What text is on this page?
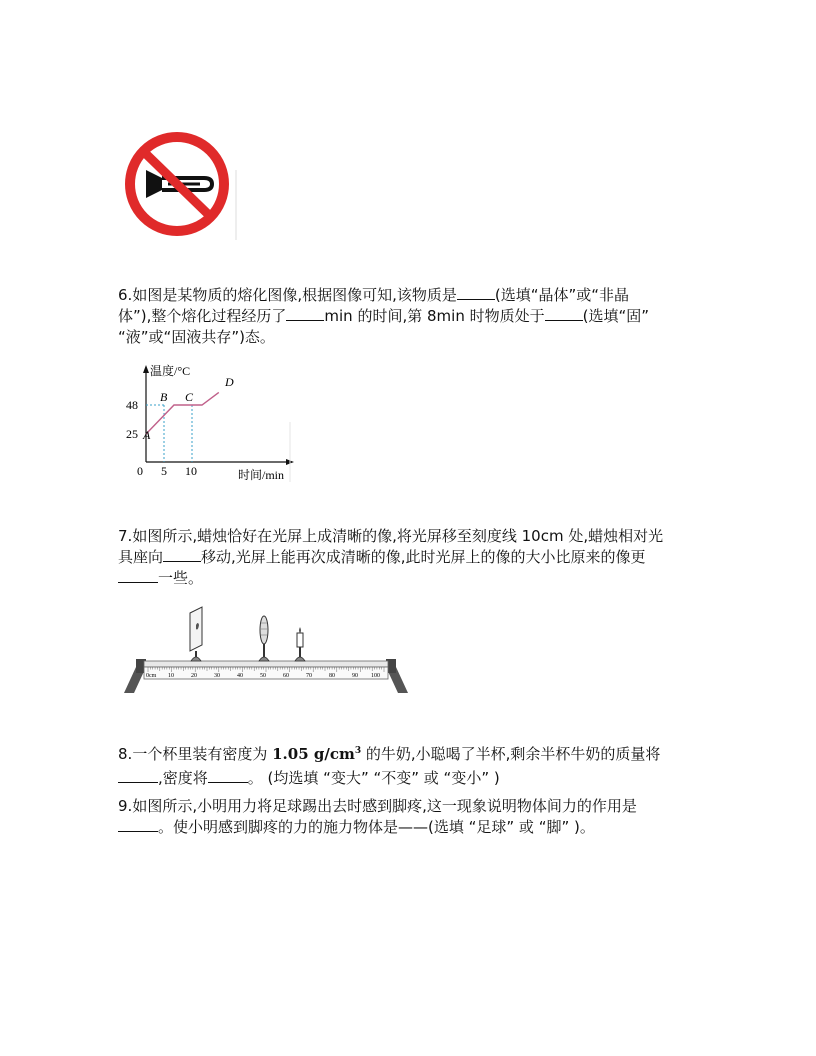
6.如图是某物质的熔化图像,根据图像可知,该物质是	(选填“晶体”或“非晶
体”),整个熔化过程经历了	min 的时间,第 8min 时物质处于	(选填“固”
“液”或“固液共存”)态。
温度/°C
时间/min
48
25
0 5 10
A
B C
D
7.如图所示,蜡烛恰好在光屏上成清晰的像,将光屏移至刻度线 10cm 处,蜡烛相对光
具座向	移动,光屏上能再次成清晰的像,此时光屏上的像的大小比原来的像更
一些。
0cm 10	20	30	40	50	60	70	80	90 100
8.一个杯里装有密度为 1.05 $g/cm^3$ 的牛奶,小聪喝了半杯,剩余半杯牛奶的质量将
,密度将	。 (均选填 “变大” “不变” 或 “变小” )
9.如图所示,小明用力将足球踢出去时感到脚疼,这一现象说明物体间力的作用是
。使小明感到脚疼的力的施力物体是——(选填 “足球” 或 “脚” )。
